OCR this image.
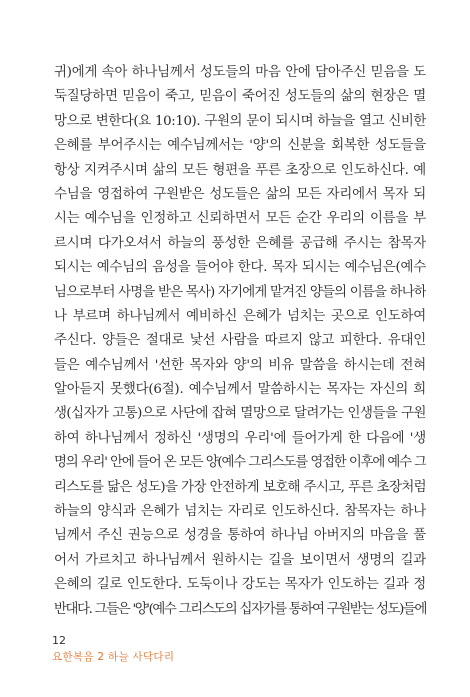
귀)에게 속아 하나님께서 성도들의 마음 안에 담아주신 믿음을 도
둑질당하면 믿음이 죽고, 믿음이 죽어진 성도들의 삶의 현장은 멸
망으로 변한다(요 10:10). 구원의 문이 되시며 하늘을 열고 신비한
은혜를 부어주시는 예수님께서는 '양'의 신분을 회복한 성도들을
항상 지켜주시며 삶의 모든 형편을 푸른 초장으로 인도하신다. 예
수님을 영접하여 구원받은 성도들은 삶의 모든 자리에서 목자 되
시는 예수님을 인정하고 신뢰하면서 모든 순간 우리의 이름을 부
르시며 다가오셔서 하늘의 풍성한 은혜를 공급해 주시는 참목자
되시는 예수님의 음성을 들어야 한다. 목자 되시는 예수님은(예수
님으로부터 사명을 받은 목사) 자기에게 맡겨진 양들의 이름을 하나하
나 부르며 하나님께서 예비하신 은혜가 넘치는 곳으로 인도하여
주신다. 양들은 절대로 낯선 사람을 따르지 않고 피한다. 유대인
들은 예수님께서 '선한 목자와 양'의 비유 말씀을 하시는데 전혀
알아듣지 못했다(6절). 예수님께서 말씀하시는 목자는 자신의 희
생(십자가 고통)으로 사단에 잡혀 멸망으로 달려가는 인생들을 구원
하여 하나님께서 정하신 '생명의 우리'에 들어가게 한 다음에 '생
명의 우리' 안에 들어 온 모든 양(예수 그리스도를 영접한 이후에 예수 그
리스도를 닮은 성도)을 가장 안전하게 보호해 주시고, 푸른 초장처럼
하늘의 양식과 은혜가 넘치는 자리로 인도하신다. 참목자는 하나
님께서 주신 권능으로 성경을 통하여 하나님 아버지의 마음을 풀
어서 가르치고 하나님께서 원하시는 길을 보이면서 생명의 길과
은혜의 길로 인도한다. 도둑이나 강도는 목자가 인도하는 길과 정
반대다. 그들은 '양'(예수 그리스도의 십자가를 통하여 구원받는 성도)들에
12
요한복음 2 하늘 사닥다리
